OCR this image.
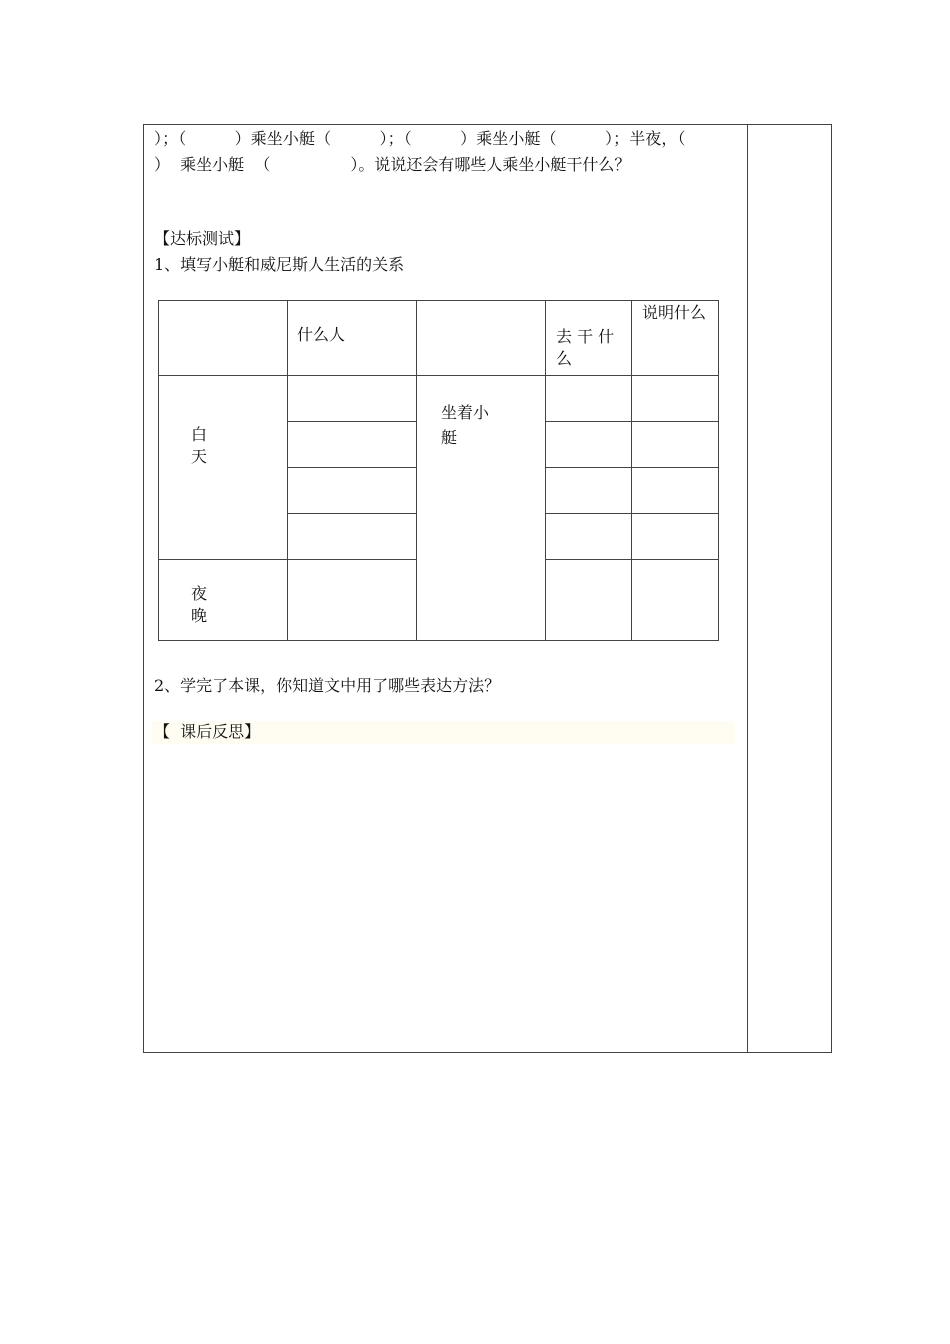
）；（　　　）乘坐小艇（　　　）；（　　　）乘坐小艇（　　　）；半夜，（
）  乘坐小艇  （　　　　　）。说说还会有哪些人乘坐小艇干什么？
【达标测试】
1、填写小艇和威尼斯人生活的关系
	什么人		去 干 什 么	说明什么

白天		坐着小艇		

夜晚				

2、学完了本课，你知道文中用了哪些表达方法？
【  课后反思】
